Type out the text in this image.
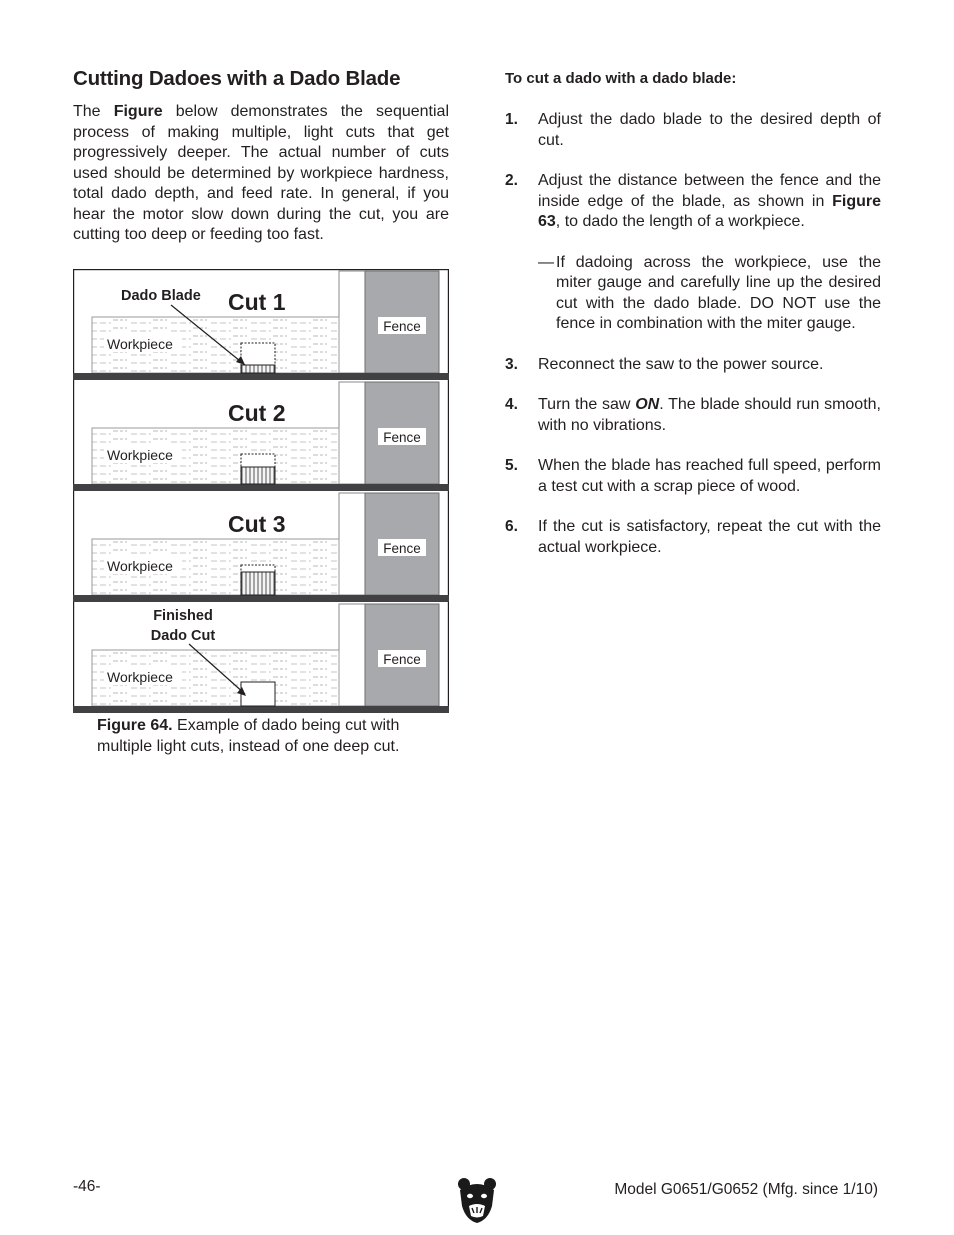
Cutting Dadoes with a Dado Blade

The Figure below demonstrates the sequential process of making multiple, light cuts that get progressively deeper. The actual number of cuts used should be determined by workpiece hardness, total dado depth, and feed rate. In general, if you hear the motor slow down during the cut, you are cutting too deep or feeding too fast.

Fence
Workpiece
Cut 1
Dado Blade
Fence
Workpiece
Cut 2
Fence
Workpiece
Cut 3
Fence
Workpiece
Finished
Dado Cut

Figure 64. Example of dado being cut with multiple light cuts, instead of one deep cut.

To cut a dado with a dado blade:
1. Adjust the dado blade to the desired depth of cut.
2. Adjust the distance between the fence and the inside edge of the blade, as shown in Figure 63, to dado the length of a workpiece.
— If dadoing across the workpiece, use the miter gauge and carefully line up the desired cut with the dado blade. DO NOT use the fence in combination with the miter gauge.
3. Reconnect the saw to the power source.
4. Turn the saw ON. The blade should run smooth, with no vibrations.
5. When the blade has reached full speed, perform a test cut with a scrap piece of wood.
6. If the cut is satisfactory, repeat the cut with the actual workpiece.
-46-	Model G0651/G0652 (Mfg. since 1/10)
